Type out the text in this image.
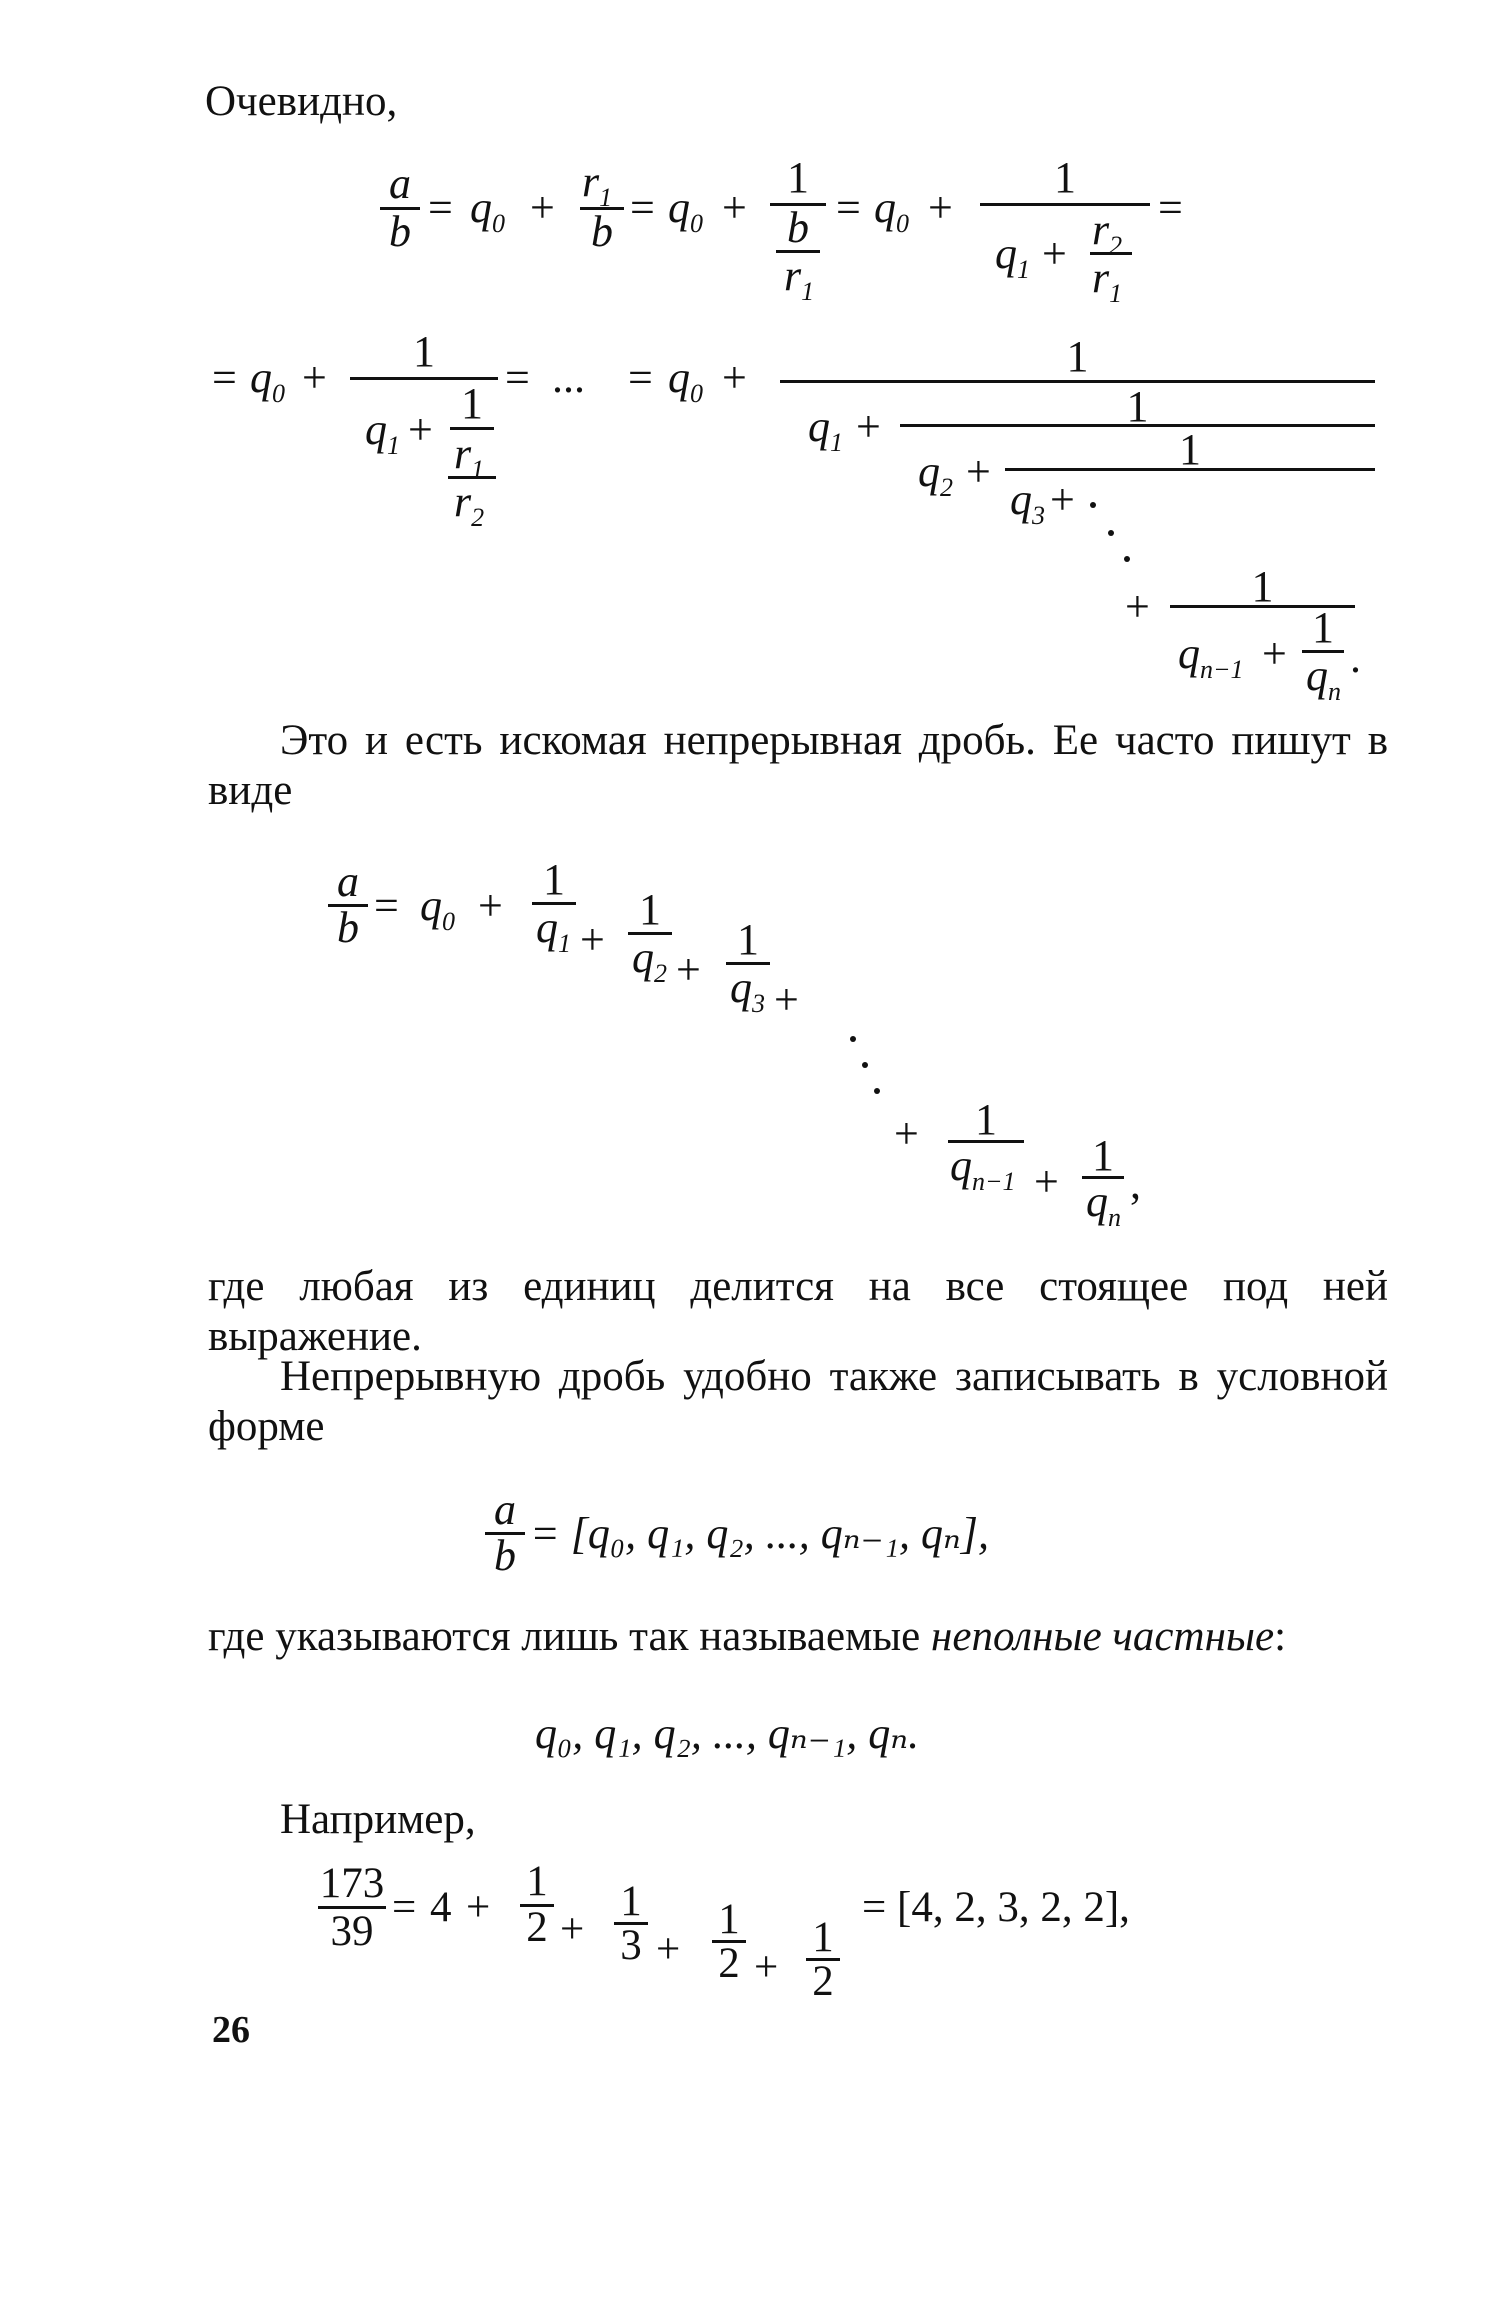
Очевидно,
a
$b = q_0$ +
$r_1$
$b = q_0$ +
1
b
$r_1$
= $q_0$ +
1
$q_1 + r_2$
$r_1$
=
= $q_0$ +
1
$q_1$ +
1
$r_1$
$r_2$
= ... = $q_0$ +	1
$q_1$ +	1
$q_2$ +	1
$q_3$ +
+	1
$q_{n-1}$ +
1
$q_n$
.
Это и есть искомая непрерывная дробь. Ее часто пишут в виде
a
$b = q_0$ +
1
$q_1$ +
1
$q_2$ +
1
$q_3$ +
+	1
$q_{n-1}$ +
1
$q_n$
,
где любая из единиц делится на все стоящее под ней выражение.
Непрерывную дробь удобно также записывать в условной форме
a
b = [q₀, q₁, q₂, ..., qₙ₋₁, qₙ],
где указываются лишь так называемые неполные частные:
q₀, q₁, q₂, ..., qₙ₋₁, qₙ.
Например,
173
39
= 4 +
1
2 +
1
3 +
1
2 +
1
2
= [4, 2, 3, 2, 2],
26
